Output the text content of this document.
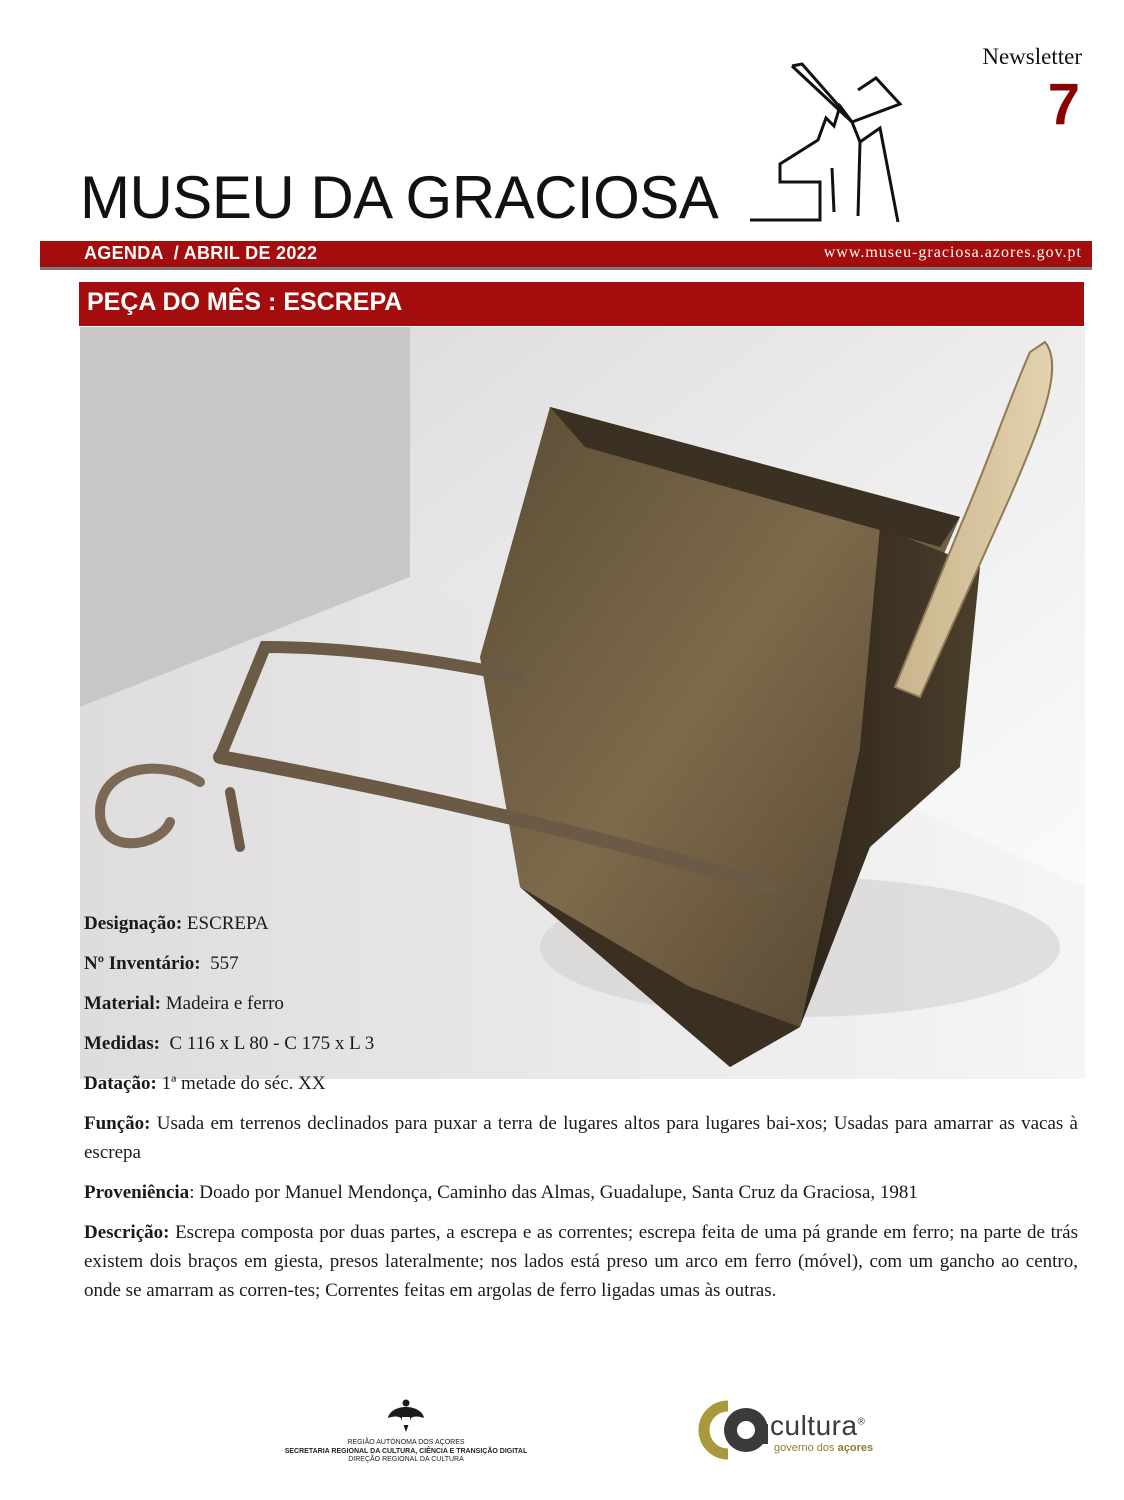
Newsletter
7
MUSEU DA GRACIOSA
AGENDA  / ABRIL DE 2022	www.museu-graciosa.azores.gov.pt
PEÇA DO MÊS : ESCREPA
Designação: ESCREPA
Nº Inventário:  557
Material: Madeira e ferro
Medidas:  C 116 x L 80 - C 175 x L 3
Datação: 1ª metade do séc. XX
Função: Usada em terrenos declinados para puxar a terra de lugares altos para lugares bai-xos; Usadas para amarrar as vacas à escrepa
Proveniência: Doado por Manuel Mendonça, Caminho das Almas, Guadalupe, Santa Cruz da Graciosa, 1981
Descrição: Escrepa composta por duas partes, a escrepa e as correntes; escrepa feita de uma pá grande em ferro; na parte de trás existem dois braços em giesta, presos lateralmente; nos lados está preso um arco em ferro (móvel), com um gancho ao centro, onde se amarram as corren-tes; Correntes feitas em argolas de ferro ligadas umas às outras.
REGIÃO AUTÓNOMA DOS AÇORES
SECRETARIA REGIONAL DA CULTURA, CIÊNCIA E TRANSIÇÃO DIGITAL
DIREÇÃO REGIONAL DA CULTURA
cultura®
governo dos açores
